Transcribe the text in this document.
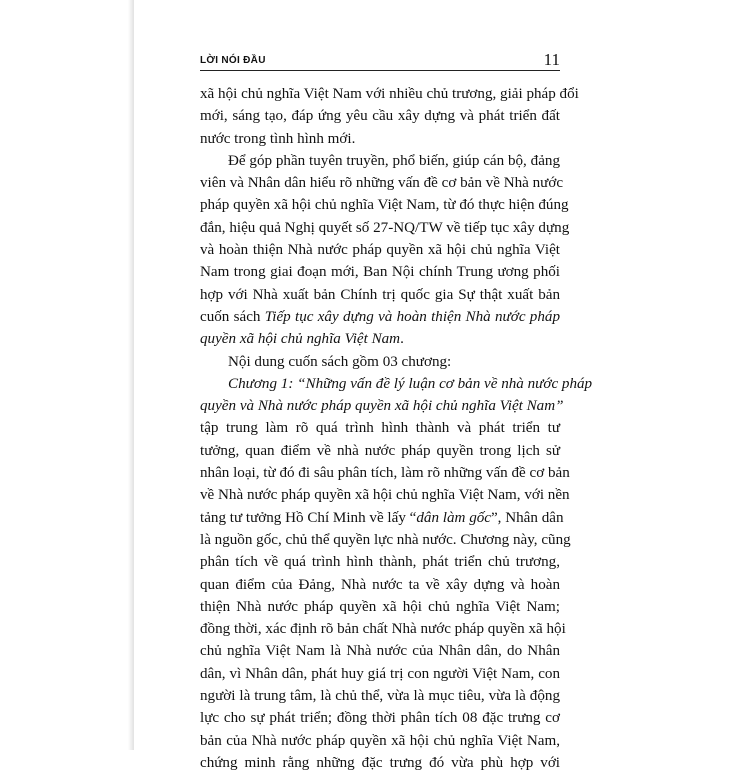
LỜI NÓI ĐẦU	11
xã hội chủ nghĩa Việt Nam với nhiều chủ trương, giải pháp đổi
mới, sáng tạo, đáp ứng yêu cầu xây dựng và phát triển đất
nước trong tình hình mới.
Để góp phần tuyên truyền, phổ biến, giúp cán bộ, đảng
viên và Nhân dân hiểu rõ những vấn đề cơ bản về Nhà nước
pháp quyền xã hội chủ nghĩa Việt Nam, từ đó thực hiện đúng
đắn, hiệu quả Nghị quyết số 27-NQ/TW về tiếp tục xây dựng
và hoàn thiện Nhà nước pháp quyền xã hội chủ nghĩa Việt
Nam trong giai đoạn mới, Ban Nội chính Trung ương phối
hợp với Nhà xuất bản Chính trị quốc gia Sự thật xuất bản
cuốn sách Tiếp tục xây dựng và hoàn thiện Nhà nước pháp
quyền xã hội chủ nghĩa Việt Nam.
Nội dung cuốn sách gồm 03 chương:
Chương 1: “Những vấn đề lý luận cơ bản về nhà nước pháp
quyền và Nhà nước pháp quyền xã hội chủ nghĩa Việt Nam”
tập trung làm rõ quá trình hình thành và phát triển tư
tưởng, quan điểm về nhà nước pháp quyền trong lịch sử
nhân loại, từ đó đi sâu phân tích, làm rõ những vấn đề cơ bản
về Nhà nước pháp quyền xã hội chủ nghĩa Việt Nam, với nền
tảng tư tưởng Hồ Chí Minh về lấy “dân làm gốc”, Nhân dân
là nguồn gốc, chủ thể quyền lực nhà nước. Chương này, cũng
phân tích về quá trình hình thành, phát triển chủ trương,
quan điểm của Đảng, Nhà nước ta về xây dựng và hoàn
thiện Nhà nước pháp quyền xã hội chủ nghĩa Việt Nam;
đồng thời, xác định rõ bản chất Nhà nước pháp quyền xã hội
chủ nghĩa Việt Nam là Nhà nước của Nhân dân, do Nhân
dân, vì Nhân dân, phát huy giá trị con người Việt Nam, con
người là trung tâm, là chủ thể, vừa là mục tiêu, vừa là động
lực cho sự phát triển; đồng thời phân tích 08 đặc trưng cơ
bản của Nhà nước pháp quyền xã hội chủ nghĩa Việt Nam,
chứng minh rằng những đặc trưng đó vừa phù hợp với
